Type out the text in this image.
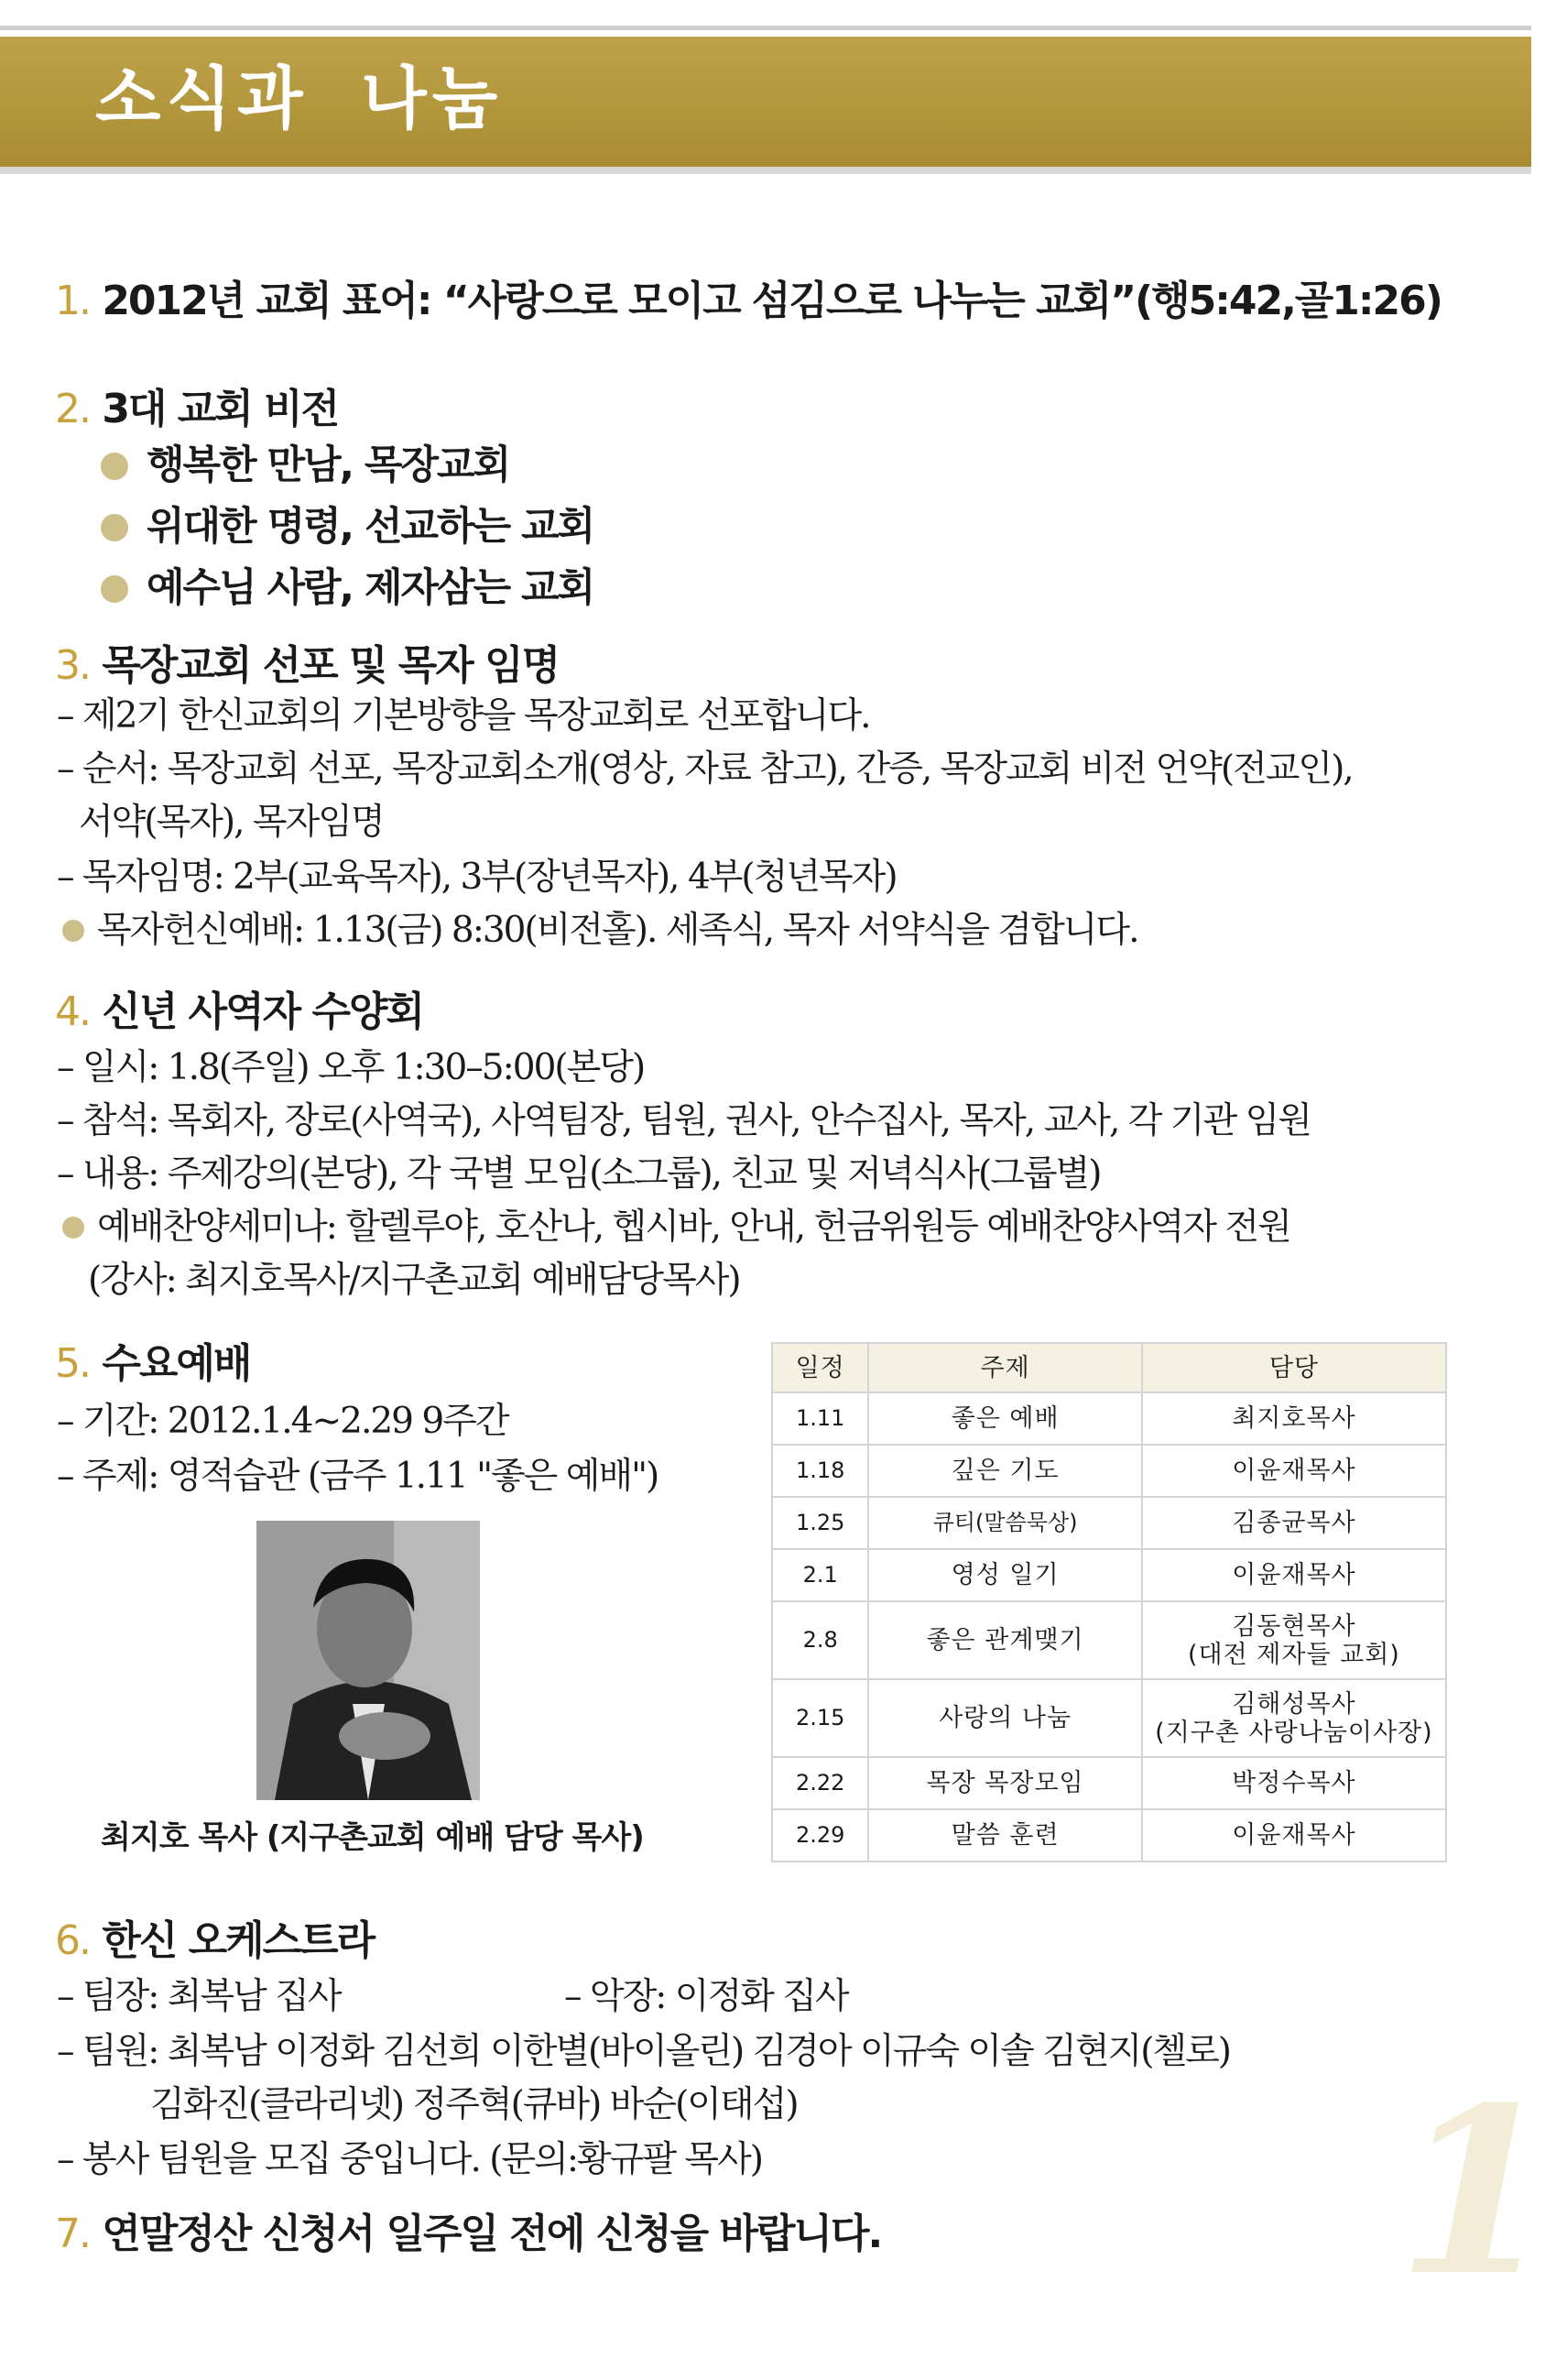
소식과 나눔
1. 2012년 교회 표어: “사랑으로 모이고 섬김으로 나누는 교회”(행5:42,골1:26)
2. 3대 교회 비전
행복한 만남, 목장교회
위대한 명령, 선교하는 교회
예수님 사람, 제자삼는 교회
3. 목장교회 선포 및 목자 임명
– 제2기 한신교회의 기본방향을 목장교회로 선포합니다.
– 순서: 목장교회 선포, 목장교회소개(영상, 자료 참고), 간증, 목장교회 비전 언약(전교인),
서약(목자), 목자임명
– 목자임명: 2부(교육목자), 3부(장년목자), 4부(청년목자)
목자헌신예배: 1.13(금) 8:30(비전홀). 세족식, 목자 서약식을 겸합니다.
4. 신년 사역자 수양회
– 일시: 1.8(주일) 오후 1:30–5:00(본당)
– 참석: 목회자, 장로(사역국), 사역팀장, 팀원, 권사, 안수집사, 목자, 교사, 각 기관 임원
– 내용: 주제강의(본당), 각 국별 모임(소그룹), 친교 및 저녁식사(그룹별)
예배찬양세미나: 할렐루야, 호산나, 헵시바, 안내, 헌금위원등 예배찬양사역자 전원
(강사: 최지호목사/지구촌교회 예배담당목사)
5. 수요예배
– 기간: 2012.1.4~2.29 9주간
– 주제: 영적습관 (금주 1.11 "좋은 예배")
최지호 목사 (지구촌교회 예배 담당 목사)
일정	주제	담당
1.11	좋은 예배	최지호목사
1.18	깊은 기도	이윤재목사
1.25	큐티(말씀묵상)	김종균목사
2.1	영성 일기	이윤재목사
2.8	좋은 관계맺기	김동현목사
(대전 제자들 교회)

2.15	사랑의 나눔	김해성목사
(지구촌 사랑나눔이사장)

2.22	목장 목장모임	박정수목사
2.29	말씀 훈련	이윤재목사
6. 한신 오케스트라
– 팀장: 최복남 집사	– 악장: 이정화 집사
– 팀원: 최복남 이정화 김선희 이한별(바이올린) 김경아 이규숙 이솔 김현지(첼로)
김화진(클라리넷) 정주혁(큐바) 바순(이태섭)
– 봉사 팀원을 모집 중입니다. (문의:황규팔 목사)
7. 연말정산 신청서 일주일 전에 신청을 바랍니다. 1
